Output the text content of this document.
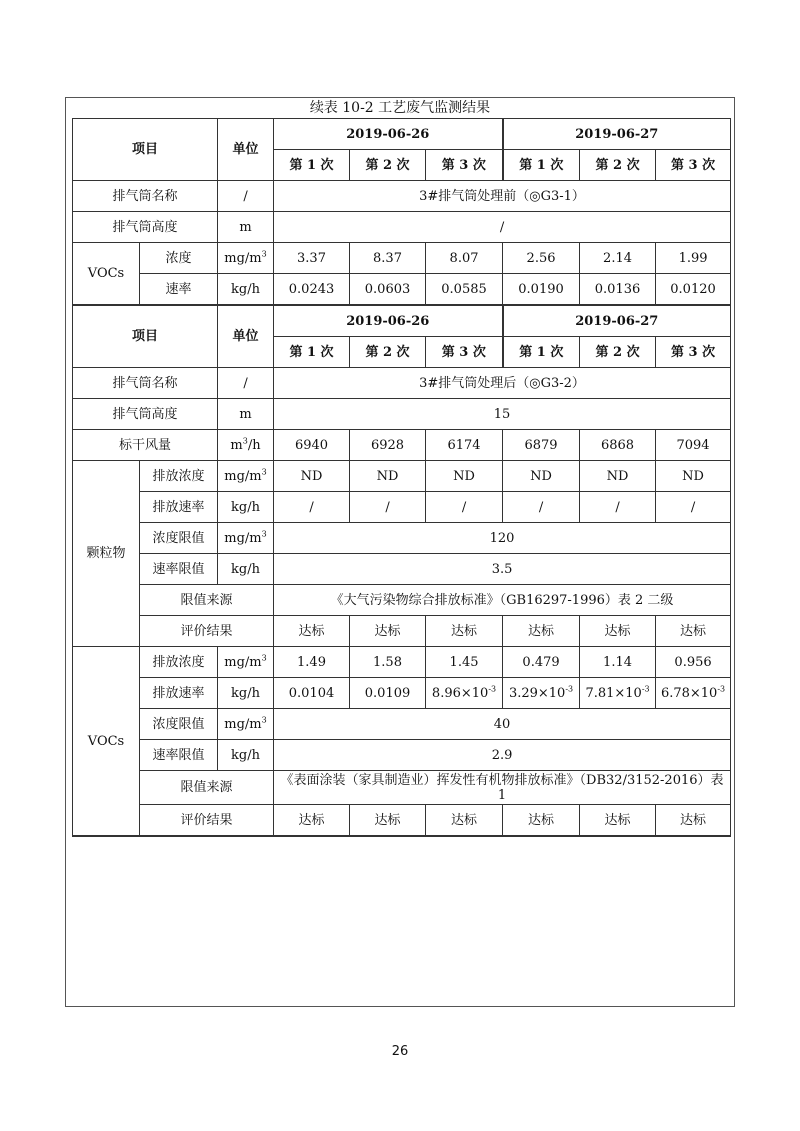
续表 10-2 工艺废气监测结果
项目		单位	2019-06-26			2019-06-27		
			第 1 次	第 2 次	第 3 次	第 1 次	第 2 次	第 3 次
排气筒名称		/	3#排气筒处理前（◎G3-1）					
排气筒高度		m	/					
VOCs	浓度	$mg/m^3$	3.37	8.37	8.07	2.56	2.14	1.99
	速率	kg/h	0.0243	0.0603	0.0585	0.0190	0.0136	0.0120
项目		单位	2019-06-26			2019-06-27		
			第 1 次	第 2 次	第 3 次	第 1 次	第 2 次	第 3 次
排气筒名称		/	3#排气筒处理后（◎G3-2）					
排气筒高度		m	15					
标干风量		$m^3/h$	6940	6928	6174	6879	6868	7094
颗粒物	排放浓度	$mg/m^3$	ND	ND	ND	ND	ND	ND
	排放速率	kg/h	/	/	/	/	/	/
	浓度限值	$mg/m^3$	120					
	速率限值	kg/h	3.5					
	限值来源		《大气污染物综合排放标准》（GB16297-1996）表 2 二级					
	评价结果		达标	达标	达标	达标	达标	达标
VOCs	排放浓度	$mg/m^3$	1.49	1.58	1.45	0.479	1.14	0.956
	排放速率	kg/h	0.0104	0.0109	$8.96\times 10^{-3}$	$3.29\times 10^{-3}$	$7.81\times 10^{-3}$	$6.78\times 10^{-3}$
	浓度限值	$mg/m^3$	40					
	速率限值	kg/h	2.9					
	限值来源		《表面涂装（家具制造业）挥发性有机物排放标准》（DB32/3152-2016）表 1					
	评价结果		达标	达标	达标	达标	达标	达标
26
